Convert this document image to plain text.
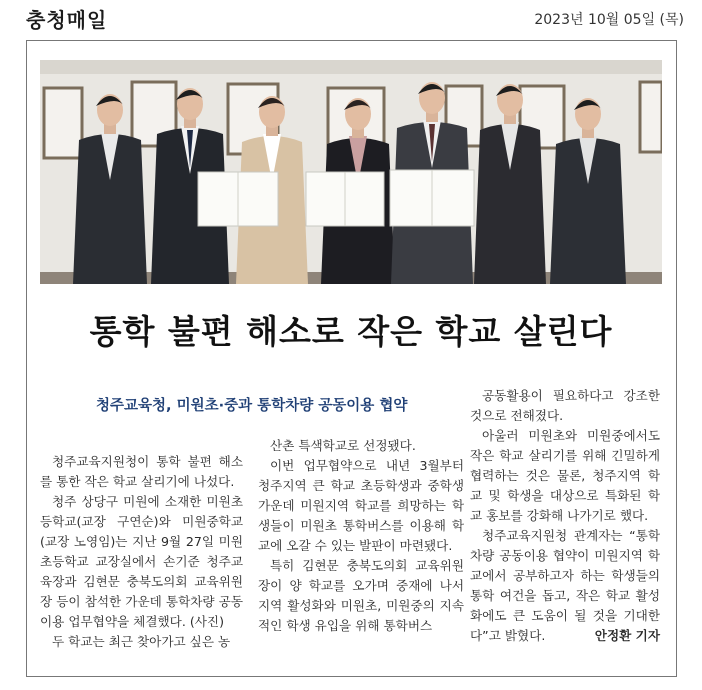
충청매일	2023년 10월 05일 (목)
통학 불편 해소로 작은 학교 살린다
청주교육청, 미원초·중과 통학차량 공동이용 협약

청주교육지원청이 통학 불편 해소를 통한 작은 학교 살리기에 나섰다.

청주 상당구 미원에 소재한 미원초등학교(교장 구연순)와 미원중학교(교장 노영임)는 지난 9월 27일 미원초등학교 교장실에서 손기준 청주교육장과 김현문 충북도의회 교육위원장 등이 참석한 가운데 통학차량 공동이용 업무협약을 체결했다. (사진)

두 학교는 최근 찾아가고 싶은 농

산촌 특색학교로 선정됐다.

이번 업무협약으로 내년 3월부터 청주지역 큰 학교 초등학생과 중학생 가운데 미원지역 학교를 희망하는 학생들이 미원초 통학버스를 이용해 학교에 오갈 수 있는 발판이 마련됐다.

특히 김현문 충북도의회 교육위원장이 양 학교를 오가며 중재에 나서 지역 활성화와 미원초, 미원중의 지속적인 학생 유입을 위해 통학버스

공동활용이 필요하다고 강조한 것으로 전해졌다.

아울러 미원초와 미원중에서도 작은 학교 살리기를 위해 긴밀하게 협력하는 것은 물론, 청주지역 학교 및 학생을 대상으로 특화된 학교 홍보를 강화해 나가기로 했다.

청주교육지원청 관계자는 “통학차량 공동이용 협약이 미원지역 학교에서 공부하고자 하는 학생들의 통학 여건을 돕고, 작은 학교 활성화에도 큰 도움이 될 것을 기대한다”고 밝혔다.	안정환 기자
